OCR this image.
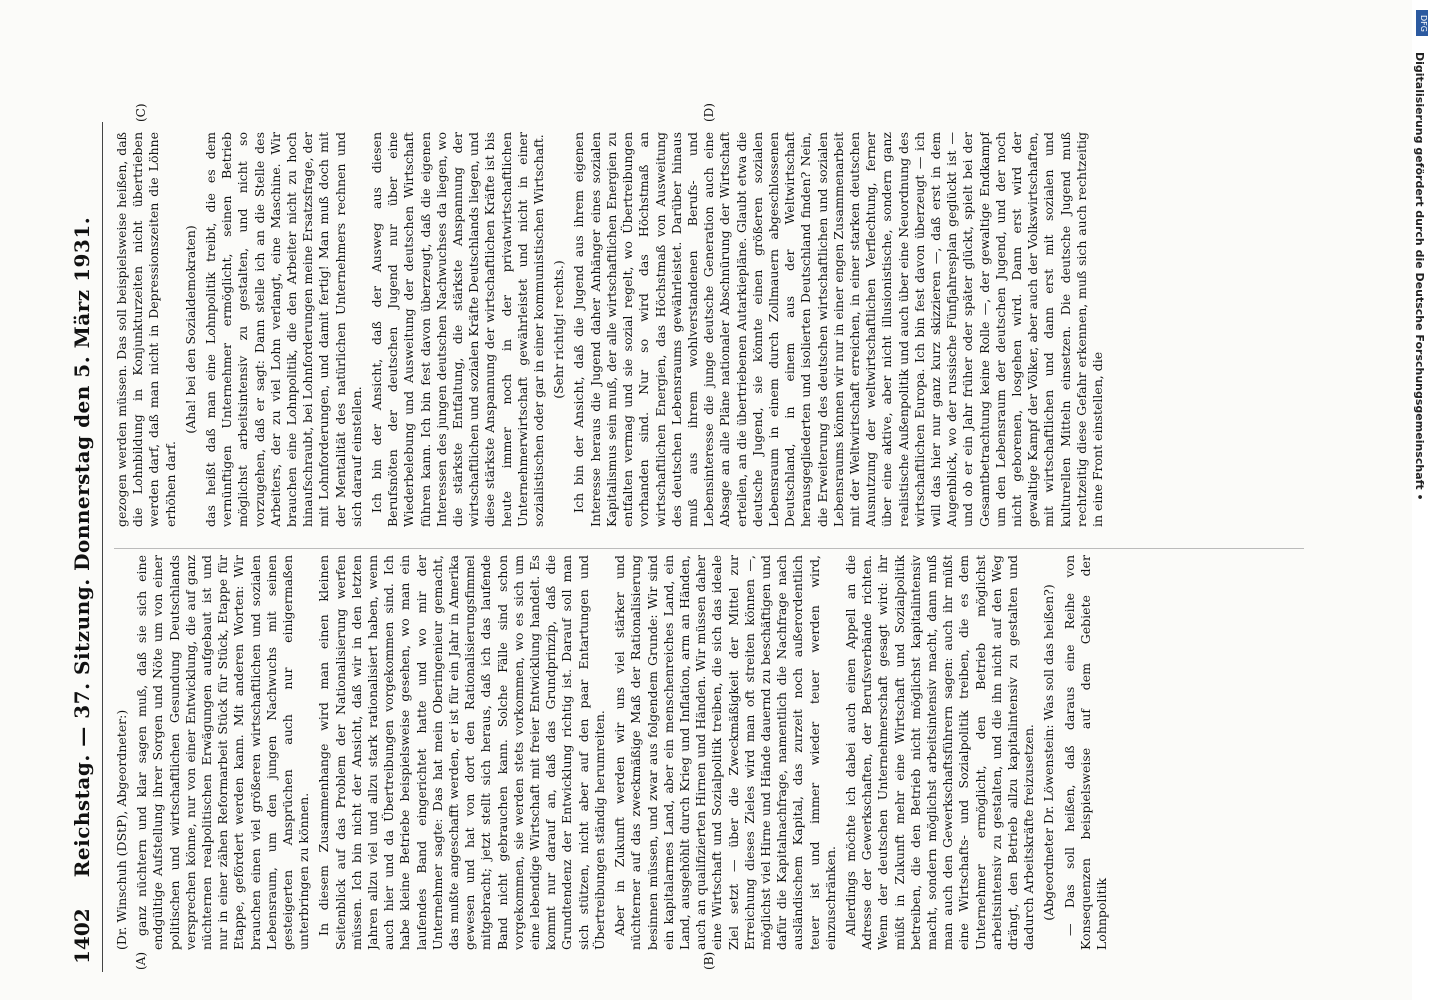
1402
Reichstag. — 37. Sitzung. Donnerstag den 5. März 1931.
(A)	(B)
(C)	(D)

(Dr. Winschuh (DStP), Abgeordneter:) ganz nüchtern und klar sagen muß, daß sie sich eine endgültige Aufstellung ihrer Sorgen und Nöte um von einer politischen und wirtschaftlichen Gesundung Deutschlands versprechen könne, nur von einer Entwicklung, die auf ganz nüchternen realpolitischen Erwägungen aufgebaut ist und nur in einer zähen Reformarbeit Stück für Stück, Etappe für Etappe, gefördert werden kann. Mit anderen Worten: Wir brauchen einen viel größeren wirtschaftlichen und sozialen Lebensraum, um den jungen Nachwuchs mit seinen gesteigerten Ansprüchen auch nur einigermaßen unterbringen zu können. In diesem Zusammenhange wird man einen kleinen Seitenblick auf das Problem der Nationalisierung werfen müssen. Ich bin nicht der Ansicht, daß wir in den letzten Jahren allzu viel und allzu stark rationalisiert haben, wenn auch hier und da Übertreibungen vorgekommen sind. Ich habe kleine Betriebe beispielsweise gesehen, wo man ein laufendes Band eingerichtet hatte und wo mir der Unternehmer sagte: Das hat mein Oberingenieur gemacht, das mußte angeschafft werden, er ist für ein Jahr in Amerika gewesen und hat von dort den Rationalisierungsfimmel mitgebracht; jetzt stellt sich heraus, daß ich das laufende Band nicht gebrauchen kann. Solche Fälle sind schon vorgekommen, sie werden stets vorkommen, wo es sich um eine lebendige Wirtschaft mit freier Entwicklung handelt. Es kommt nur darauf an, daß das Grundprinzip, daß die Grundtendenz der Entwicklung richtig ist. Darauf soll man sich stützen, nicht aber auf den paar Entartungen und Übertreibungen ständig herumreiten. Aber in Zukunft werden wir uns viel stärker und nüchterner auf das zweckmäßige Maß der Rationalisierung besinnen müssen, und zwar aus folgendem Grunde: Wir sind ein kapitalarmes Land, aber ein menschenreiches Land, ein Land, ausgehöhlt durch Krieg und Inflation, arm an Händen, auch an qualifizierten Hirnen und Händen. Wir müssen daher eine Wirtschaft und Sozialpolitik treiben, die sich das ideale Ziel setzt — über die Zweckmäßigkeit der Mittel zur Erreichung dieses Zieles wird man oft streiten können —, möglichst viel Hirne und Hände dauernd zu beschäftigen und dafür die Kapitalnachfrage, namentlich die Nachfrage nach ausländischem Kapital, das zurzeit noch außerordentlich teuer ist und immer wieder teuer werden wird, einzuschränken. Allerdings möchte ich dabei auch einen Appell an die Adresse der Gewerkschaften, der Berufsverbände richten. Wenn der deutschen Unternehmerschaft gesagt wird: ihr müßt in Zukunft mehr eine Wirtschaft und Sozialpolitik betreiben, die den Betrieb nicht möglichst kapitalintensiv macht, sondern möglichst arbeitsintensiv macht, dann muß man auch den Gewerkschaftsführern sagen: auch ihr müßt eine Wirtschafts- und Sozialpolitik treiben, die es dem Unternehmer ermöglicht, den Betrieb möglichst arbeitsintensiv zu gestalten, und die ihn nicht auf den Weg drängt, den Betrieb allzu kapitalintensiv zu gestalten und dadurch Arbeitskräfte freizusetzen. (Abgeordneter Dr. Löwenstein: Was soll das heißen?) — Das soll heißen, daß daraus eine Reihe von Konsequenzen beispielsweise auf dem Gebiete der Lohnpolitik

gezogen werden müssen. Das soll beispielsweise heißen, daß die Lohnbildung in Konjunkturzeiten nicht übertrieben werden darf, daß man nicht in Depressionszeiten die Löhne erhöhen darf.

(Aha! bei den Sozialdemokraten) das heißt daß man eine Lohnpolitik treibt, die es dem vernünftigen Unternehmer ermöglicht, seinen Betrieb möglichst arbeitsintensiv zu gestalten, und nicht so vorzugehen, daß er sagt: Dann stelle ich an die Stelle des Arbeiters, der zu viel Lohn verlangt, eine Maschine. Wir brauchen eine Lohnpolitik, die den Arbeiter nicht zu hoch hinaufschraubt, bei Lohnforderungen meine Ersatzsfrage, der mit Lohnforderungen, und damit fertig! Man muß doch mit der Mentalität des natürlichen Unternehmers rechnen und sich darauf einstellen. Ich bin der Ansicht, daß der Ausweg aus diesen Berufsnöten der deutschen Jugend nur über eine Wiederbelebung und Ausweitung der deutschen Wirtschaft führen kann. Ich bin fest davon überzeugt, daß die eigenen Interessen des jungen deutschen Nachwuchses da liegen, wo die stärkste Entfaltung, die stärkste Anspannung der wirtschaftlichen und sozialen Kräfte Deutschlands liegen, und diese stärkste Anspannung der wirtschaftlichen Kräfte ist bis heute immer noch in der privatwirtschaftlichen Unternehmerwirtschaft gewährleistet und nicht in einer sozialistischen oder gar in einer kommunistischen Wirtschaft. (Sehr richtig! rechts.) Ich bin der Ansicht, daß die Jugend aus ihrem eigenen Interesse heraus die Jugend daher Anhänger eines sozialen Kapitalismus sein muß, der alle wirtschaftlichen Energien zu entfalten vermag und sie sozial regelt, wo Übertreibungen vorhanden sind. Nur so wird das Höchstmaß an wirtschaftlichen Energien, das Höchstmaß von Ausweitung des deutschen Lebensraums gewährleistet. Darüber hinaus muß aus ihrem wohlverstandenen Berufs- und Lebensinteresse die junge deutsche Generation auch eine Absage an alle Pläne nationaler Abschnürung der Wirtschaft erteilen, an die übertriebenen Autarkiepläne. Glaubt etwa die deutsche Jugend, sie könnte einen größeren sozialen Lebensraum in einem durch Zollmauern abgeschlossenen Deutschland, in einem aus der Weltwirtschaft herausgegliederten und isolierten Deutschland finden? Nein, die Erweiterung des deutschen wirtschaftlichen und sozialen Lebensraums können wir nur in einer engen Zusammenarbeit mit der Weltwirtschaft erreichen, in einer starken deutschen Ausnutzung der weltwirtschaftlichen Verflechtung, ferner über eine aktive, aber nicht illusionistische, sondern ganz realistische Außenpolitik und auch über eine Neuordnung des wirtschaftlichen Europa. Ich bin fest davon überzeugt — ich will das hier nur ganz kurz skizzieren —, daß erst in dem Augenblick, wo der russische Fünfjahresplan geglückt ist — und ob er ein Jahr früher oder später glückt, spielt bei der Gesamtbetrachtung keine Rolle —, der gewaltige Endkampf um den Lebensraum der deutschen Jugend, und der noch nicht geborenen, losgehen wird. Dann erst wird der gewaltige Kampf der Völker, aber auch der Volkswirtschaften, mit wirtschaftlichen und dann erst mit sozialen und kulturellen Mitteln einsetzen. Die deutsche Jugend muß rechtzeitig diese Gefahr erkennen, muß sich auch rechtzeitig in eine Front einstellen, die

DFG
Digitalisierung gefördert durch die Deutsche Forschungsgemeinschaft •
